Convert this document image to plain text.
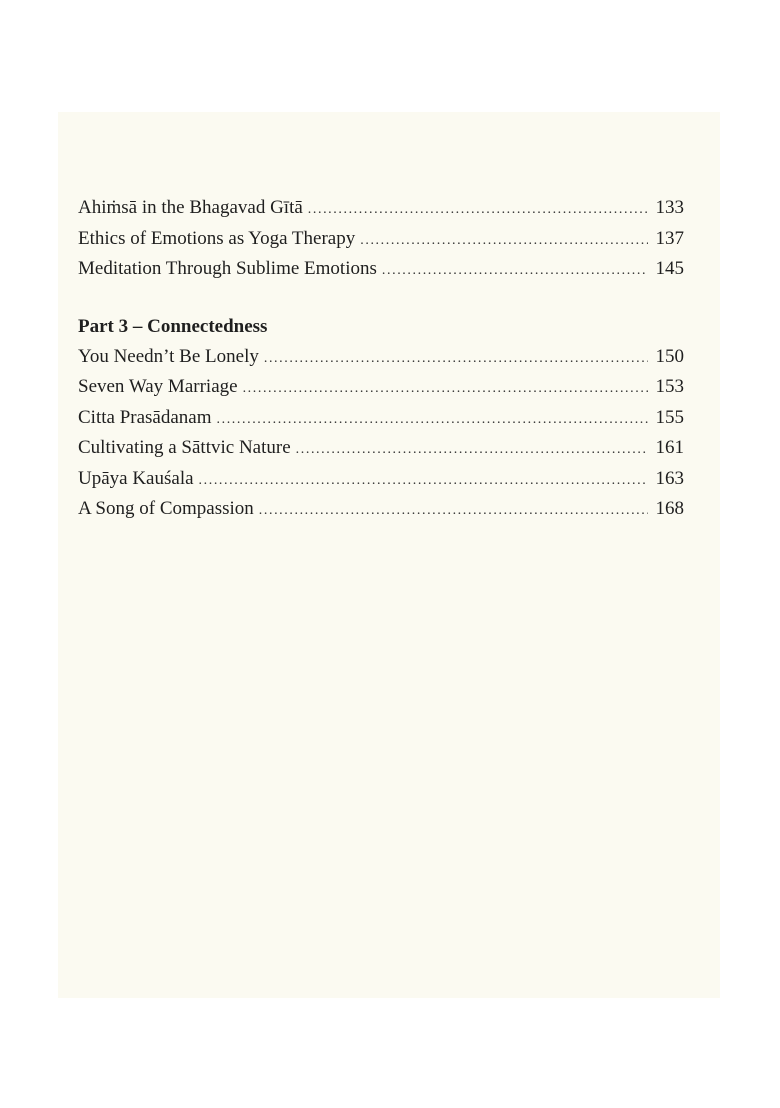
Ahiṁsā in the Bhagavad Gītā .....	133
Ethics of Emotions as Yoga Therapy .....	137
Meditation Through Sublime Emotions .....	145
Part 3 – Connectedness
You Needn’t Be Lonely .....	150
Seven Way Marriage .....	153
Citta Prasādanam .....	155
Cultivating a Sāttvic Nature .....	161
Upāya Kauśala .....	163
A Song of Compassion .....	168
